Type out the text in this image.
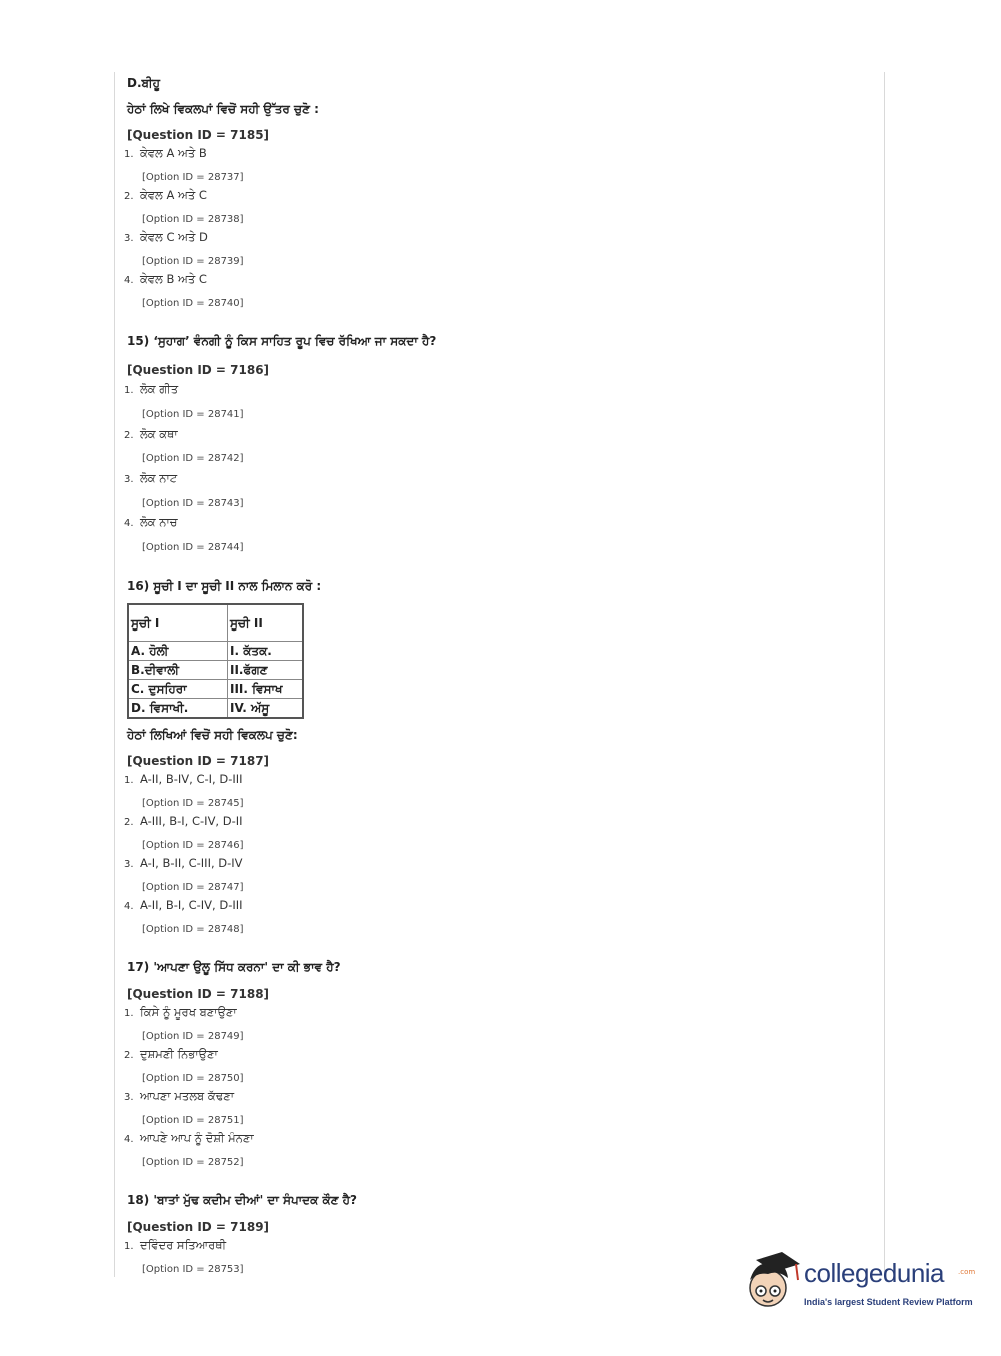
D.ਬੀਹੂ
ਹੇਠਾਂ ਲਿਖੇ ਵਿਕਲਪਾਂ ਵਿਚੋਂ ਸਹੀ ਉੱਤਰ ਚੁਣੋ :
[Question ID = 7185]
1. ਕੇਵਲ A ਅਤੇ B
[Option ID = 28737]
2. ਕੇਵਲ A ਅਤੇ C
[Option ID = 28738]
3. ਕੇਵਲ C ਅਤੇ D
[Option ID = 28739]
4. ਕੇਵਲ B ਅਤੇ C
[Option ID = 28740]
15) ‘ਸੁਹਾਗ’ ਵੰਨਗੀ ਨੂੰ ਕਿਸ ਸਾਹਿਤ ਰੂਪ ਵਿਚ ਰੱਖਿਆ ਜਾ ਸਕਦਾ ਹੈ?
[Question ID = 7186]
1. ਲੋਕ ਗੀਤ
[Option ID = 28741]
2. ਲੋਕ ਕਥਾ
[Option ID = 28742]
3. ਲੋਕ ਨਾਟ
[Option ID = 28743]
4. ਲੋਕ ਨਾਚ
[Option ID = 28744]
16) ਸੂਚੀ I ਦਾ ਸੂਚੀ II ਨਾਲ ਮਿਲਾਨ ਕਰੋ :
ਸੂਚੀ I	ਸੂਚੀ II
A. ਹੋਲੀ	I. ਕੱਤਕ.
B.ਦੀਵਾਲੀ	II.ਫੱਗਣ
C. ਦੁਸਹਿਰਾ	III. ਵਿਸਾਖ
D. ਵਿਸਾਖੀ.	IV. ਅੱਸੂ
ਹੇਠਾਂ ਲਿਖਿਆਂ ਵਿਚੋਂ ਸਹੀ ਵਿਕਲਪ ਚੁਣੋ:
[Question ID = 7187]
1. A-II, B-IV, C-I, D-III
[Option ID = 28745]
2. A-III, B-I, C-IV, D-II
[Option ID = 28746]
3. A-I, B-II, C-III, D-IV
[Option ID = 28747]
4. A-II, B-I, C-IV, D-III
[Option ID = 28748]
17) 'ਆਪਣਾ ਉਲੂ ਸਿੱਧ ਕਰਨਾ' ਦਾ ਕੀ ਭਾਵ ਹੈ?
[Question ID = 7188]
1. ਕਿਸੇ ਨੂੰ ਮੂਰਖ ਬਣਾਉਣਾ
[Option ID = 28749]
2. ਦੁਸ਼ਮਣੀ ਨਿਭਾਉਣਾ
[Option ID = 28750]
3. ਆਪਣਾ ਮਤਲਬ ਕੱਢਣਾ
[Option ID = 28751]
4. ਆਪਣੇ ਆਪ ਨੂੰ ਦੋਸ਼ੀ ਮੰਨਣਾ
[Option ID = 28752]
18) 'ਬਾਤਾਂ ਮੁੱਢ ਕਦੀਮ ਦੀਆਂ' ਦਾ ਸੰਪਾਦਕ ਕੌਣ ਹੈ?
[Question ID = 7189]
1. ਦਵਿੰਦਰ ਸਤਿਆਰਥੀ
[Option ID = 28753]	collegedunia .com
India's largest Student Review Platform
